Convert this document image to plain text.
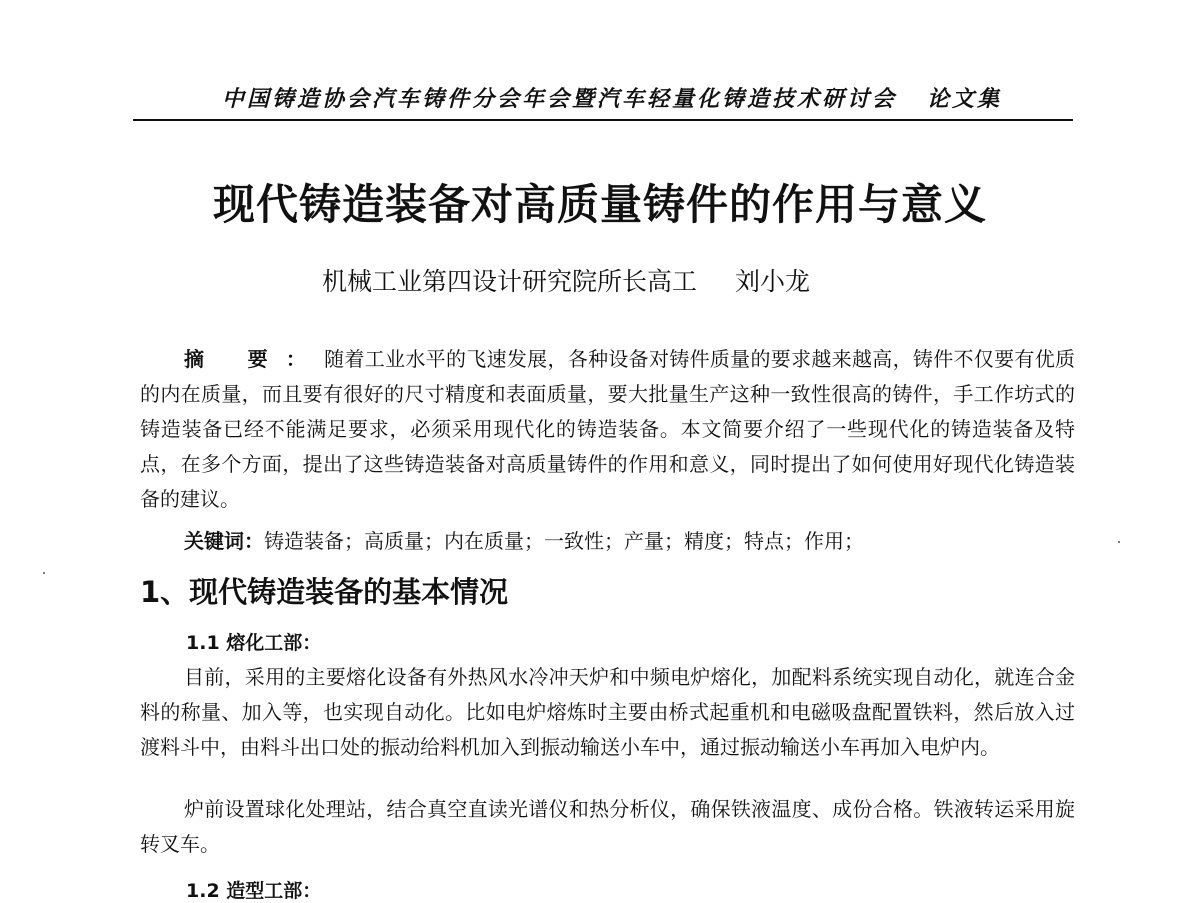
中国铸造协会汽车铸件分会年会暨汽车轻量化铸造技术研讨会 论文集
现代铸造装备对高质量铸件的作用与意义
机械工业第四设计研究院所长高工 刘小龙
摘 要：随着工业水平的飞速发展，各种设备对铸件质量的要求越来越高，铸件不仅要有优质的内在质量，而且要有很好的尺寸精度和表面质量，要大批量生产这种一致性很高的铸件，手工作坊式的铸造装备已经不能满足要求，必须采用现代化的铸造装备。本文简要介绍了一些现代化的铸造装备及特点，在多个方面，提出了这些铸造装备对高质量铸件的作用和意义，同时提出了如何使用好现代化铸造装备的建议。
关键词：铸造装备；高质量；内在质量；一致性；产量；精度；特点；作用；
1、现代铸造装备的基本情况
1.1 熔化工部：
目前，采用的主要熔化设备有外热风水冷冲天炉和中频电炉熔化，加配料系统实现自动化，就连合金料的称量、加入等，也实现自动化。比如电炉熔炼时主要由桥式起重机和电磁吸盘配置铁料，然后放入过渡料斗中，由料斗出口处的振动给料机加入到振动输送小车中，通过振动输送小车再加入电炉内。
炉前设置球化处理站，结合真空直读光谱仪和热分析仪，确保铁液温度、成份合格。铁液转运采用旋转叉车。
1.2 造型工部：
